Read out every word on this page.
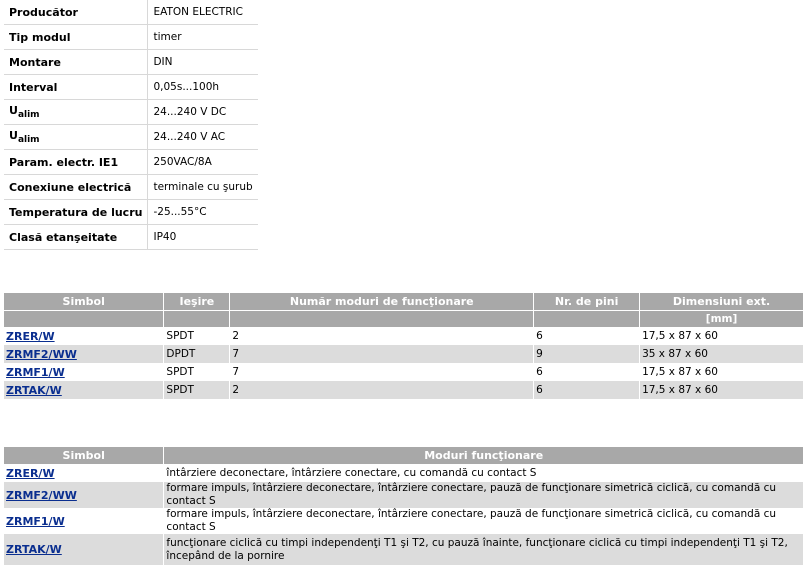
Producător	EATON ELECTRIC
Tip modul	timer
Montare	DIN
Interval	0,05s...100h
$U_{alim}$	24...240 V DC
$U_{alim}$	24...240 V AC
Param. electr. IE1	250VAC/8A
Conexiune electrică	terminale cu şurub
Temperatura de lucru	-25...55°C
Clasă etanşeitate	IP40
Simbol	Ieşire	Număr moduri de funcţionare	Nr. de pini	Dimensiuni ext.
				[mm]
ZRER/W	SPDT	2	6	17,5 x 87 x 60
ZRMF2/WW	DPDT	7	9	35 x 87 x 60
ZRMF1/W	SPDT	7	6	17,5 x 87 x 60
ZRTAK/W	SPDT	2	6	17,5 x 87 x 60
Simbol	Moduri funcţionare
ZRER/W	întârziere deconectare, întârziere conectare, cu comandă cu contact S
ZRMF2/WW	formare impuls, întârziere deconectare, întârziere conectare, pauză de funcţionare simetrică ciclică, cu comandă cu contact S
ZRMF1/W	formare impuls, întârziere deconectare, întârziere conectare, pauză de funcţionare simetrică ciclică, cu comandă cu contact S
ZRTAK/W	funcţionare ciclică cu timpi independenţi T1 şi T2, cu pauză înainte, funcţionare ciclică cu timpi independenţi T1 şi T2, începând de la pornire
